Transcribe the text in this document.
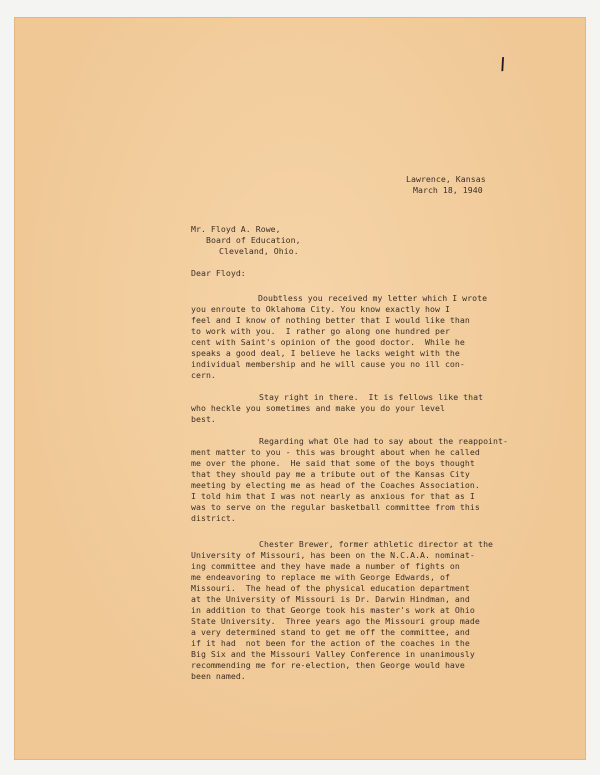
I
Lawrence, Kansas
March 18, 1940
Mr. Floyd A. Rowe,
Board of Education,
Cleveland, Ohio.
Dear Floyd:
Doubtless you received my letter which I wrote
you enroute to Oklahoma City. You know exactly how I
feel and I know of nothing better that I would like than
to work with you.  I rather go along one hundred per
cent with Saint's opinion of the good doctor.  While he
speaks a good deal, I believe he lacks weight with the
individual membership and he will cause you no ill con-
cern.
Stay right in there.  It is fellows like that
who heckle you sometimes and make you do your level
best.
Regarding what Ole had to say about the reappoint-
ment matter to you - this was brought about when he called
me over the phone.  He said that some of the boys thought
that they should pay me a tribute out of the Kansas City
meeting by electing me as head of the Coaches Association.
I told him that I was not nearly as anxious for that as I
was to serve on the regular basketball committee from this
district.
Chester Brewer, former athletic director at the
University of Missouri, has been on the N.C.A.A. nominat-
ing committee and they have made a number of fights on
me endeavoring to replace me with George Edwards, of
Missouri.  The head of the physical education department
at the University of Missouri is Dr. Darwin Hindman, and
in addition to that George took his master's work at Ohio
State University.  Three years ago the Missouri group made
a very determined stand to get me off the committee, and
if it had  not been for the action of the coaches in the
Big Six and the Missouri Valley Conference in unanimously
recommending me for re-election, then George would have
been named.
